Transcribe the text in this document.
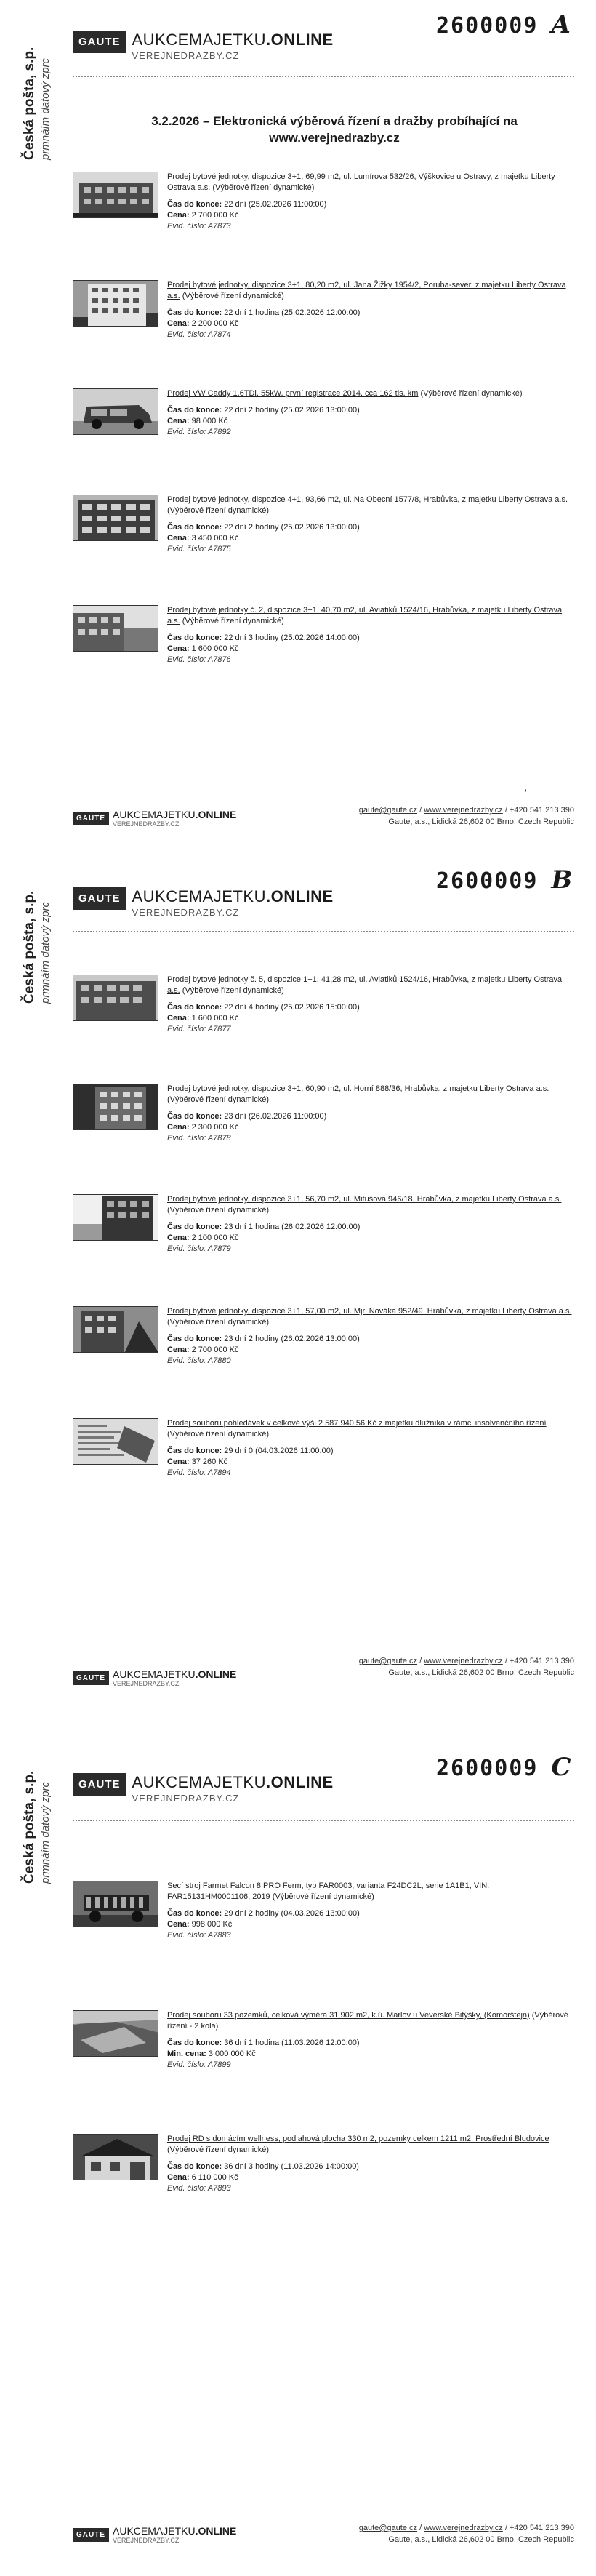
Česká pošta, s.p. prmnáím datový zprc
GAUTE AUKCEMAJETKU.ONLINE
VEREJNEDRAZBY.CZ
2600009 A
3.2.2026 – Elektronická výběrová řízení a dražby probíhající na
www.verejnedrazby.cz
Prodej bytové jednotky, dispozice 3+1, 69,99 m2, ul. Lumírova 532/26, Výškovice u Ostravy, z majetku Liberty Ostrava a.s. (Výběrové řízení dynamické)
Čas do konce: 22 dní (25.02.2026 11:00:00)
Cena: 2 700 000 Kč
Evid. číslo: A7873
Prodej bytové jednotky, dispozice 3+1, 80,20 m2, ul. Jana Žižky 1954/2, Poruba-sever, z majetku Liberty Ostrava a.s. (Výběrové řízení dynamické)
Čas do konce: 22 dní 1 hodina (25.02.2026 12:00:00)
Cena: 2 200 000 Kč
Evid. číslo: A7874
Prodej VW Caddy 1,6TDi, 55kW, první registrace 2014, cca 162 tis. km (Výběrové řízení dynamické)
Čas do konce: 22 dní 2 hodiny (25.02.2026 13:00:00)
Cena: 98 000 Kč
Evid. číslo: A7892
Prodej bytové jednotky, dispozice 4+1, 93,66 m2, ul. Na Obecní 1577/8, Hrabůvka, z majetku Liberty Ostrava a.s. (Výběrové řízení dynamické)
Čas do konce: 22 dní 2 hodiny (25.02.2026 13:00:00)
Cena: 3 450 000 Kč
Evid. číslo: A7875
Prodej bytové jednotky č. 2, dispozice 3+1, 40,70 m2, ul. Aviatiků 1524/16, Hrabůvka, z majetku Liberty Ostrava a.s. (Výběrové řízení dynamické)
Čas do konce: 22 dní 3 hodiny (25.02.2026 14:00:00)
Cena: 1 600 000 Kč
Evid. číslo: A7876
'
GAUTE AUKCEMAJETKU.ONLINE
VEREJNEDRAZBY.CZ
gaute@gaute.cz / www.verejnedrazby.cz / +420 541 213 390
Gaute, a.s., Lidická 26,602 00 Brno, Czech Republic
Česká pošta, s.p. prmnáím datový zprc
GAUTE AUKCEMAJETKU.ONLINE
VEREJNEDRAZBY.CZ
2600009 B
Prodej bytové jednotky č. 5, dispozice 1+1, 41,28 m2, ul. Aviatiků 1524/16, Hrabůvka, z majetku Liberty Ostrava a.s. (Výběrové řízení dynamické)
Čas do konce: 22 dní 4 hodiny (25.02.2026 15:00:00)
Cena: 1 600 000 Kč
Evid. číslo: A7877
Prodej bytové jednotky, dispozice 3+1, 60,90 m2, ul. Horní 888/36, Hrabůvka, z majetku Liberty Ostrava a.s. (Výběrové řízení dynamické)
Čas do konce: 23 dní (26.02.2026 11:00:00)
Cena: 2 300 000 Kč
Evid. číslo: A7878
Prodej bytové jednotky, dispozice 3+1, 56,70 m2, ul. Mitušova 946/18, Hrabůvka, z majetku Liberty Ostrava a.s. (Výběrové řízení dynamické)
Čas do konce: 23 dní 1 hodina (26.02.2026 12:00:00)
Cena: 2 100 000 Kč
Evid. číslo: A7879
Prodej bytové jednotky, dispozice 3+1, 57,00 m2, ul. Mjr. Nováka 952/49, Hrabůvka, z majetku Liberty Ostrava a.s. (Výběrové řízení dynamické)
Čas do konce: 23 dní 2 hodiny (26.02.2026 13:00:00)
Cena: 2 700 000 Kč
Evid. číslo: A7880
Prodej souboru pohledávek v celkové výši 2 587 940,56 Kč z majetku dlužníka v rámci insolvenčního řízení (Výběrové řízení dynamické)
Čas do konce: 29 dní 0 (04.03.2026 11:00:00)
Cena: 37 260 Kč
Evid. číslo: A7894
GAUTE AUKCEMAJETKU.ONLINE
VEREJNEDRAZBY.CZ
gaute@gaute.cz / www.verejnedrazby.cz / +420 541 213 390
Gaute, a.s., Lidická 26,602 00 Brno, Czech Republic
Česká pošta, s.p. prmnáím datový zprc	GAUTE AUKCEMAJETKU.ONLINE
VEREJNEDRAZBY.CZ
2600009 C
Secí stroj Farmet Falcon 8 PRO Ferm, typ FAR0003, varianta F24DC2L, serie 1A1B1, VIN: FAR15131HM0001106, 2019 (Výběrové řízení dynamické)
Čas do konce: 29 dní 2 hodiny (04.03.2026 13:00:00)
Cena: 998 000 Kč
Evid. číslo: A7883
Prodej souboru 33 pozemků, celková výměra 31 902 m2, k.ú. Marlov u Veverské Bitýšky, (Komorštejn) (Výběrové řízení - 2 kola)
Čas do konce: 36 dní 1 hodina (11.03.2026 12:00:00)
Min. cena: 3 000 000 Kč
Evid. číslo: A7899
Prodej RD s domácím wellness, podlahová plocha 330 m2, pozemky celkem 1211 m2, Prostřední Bludovice (Výběrové řízení dynamické)
Čas do konce: 36 dní 3 hodiny (11.03.2026 14:00:00)
Cena: 6 110 000 Kč
Evid. číslo: A7893
GAUTE AUKCEMAJETKU.ONLINE
VEREJNEDRAZBY.CZ
gaute@gaute.cz / www.verejnedrazby.cz / +420 541 213 390
Gaute, a.s., Lidická 26,602 00 Brno, Czech Republic
